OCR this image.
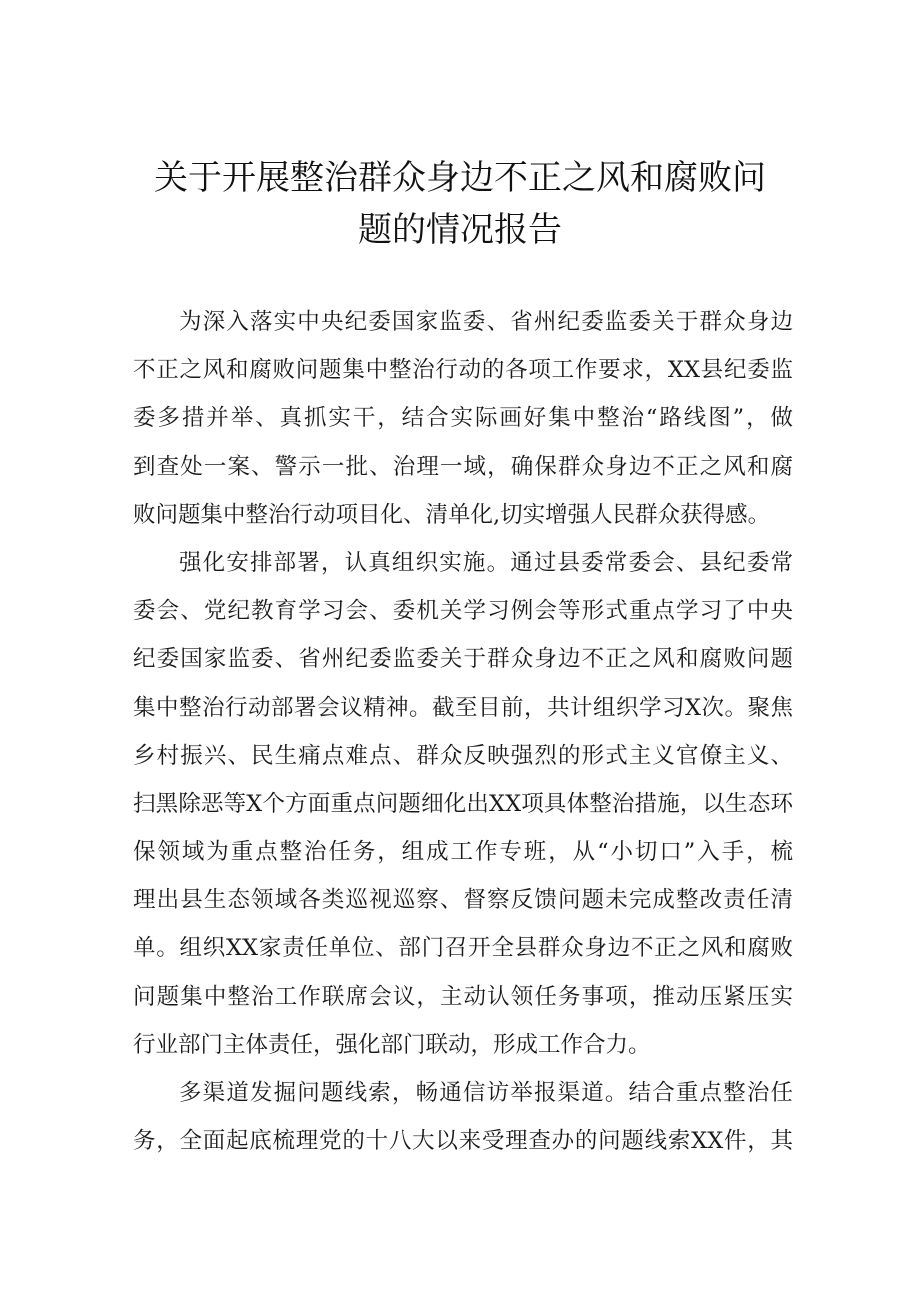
关于开展整治群众身边不正之风和腐败问
题的情况报告
为深入落实中央纪委国家监委、省州纪委监委关于群众身边
不正之风和腐败问题集中整治行动的各项工作要求，XX县纪委监
委多措并举、真抓实干，结合实际画好集中整治“路线图”，做
到查处一案、警示一批、治理一域，确保群众身边不正之风和腐
败问题集中整治行动项目化、清单化,切实增强人民群众获得感。
强化安排部署，认真组织实施。通过县委常委会、县纪委常
委会、党纪教育学习会、委机关学习例会等形式重点学习了中央
纪委国家监委、省州纪委监委关于群众身边不正之风和腐败问题
集中整治行动部署会议精神。截至目前，共计组织学习X次。聚焦
乡村振兴、民生痛点难点、群众反映强烈的形式主义官僚主义、
扫黑除恶等X个方面重点问题细化出XX项具体整治措施，以生态环
保领域为重点整治任务，组成工作专班，从“小切口”入手，梳
理出县生态领域各类巡视巡察、督察反馈问题未完成整改责任清
单。组织XX家责任单位、部门召开全县群众身边不正之风和腐败
问题集中整治工作联席会议，主动认领任务事项，推动压紧压实
行业部门主体责任，强化部门联动，形成工作合力。
多渠道发掘问题线索，畅通信访举报渠道。结合重点整治任
务，全面起底梳理党的十八大以来受理查办的问题线索XX件，其
